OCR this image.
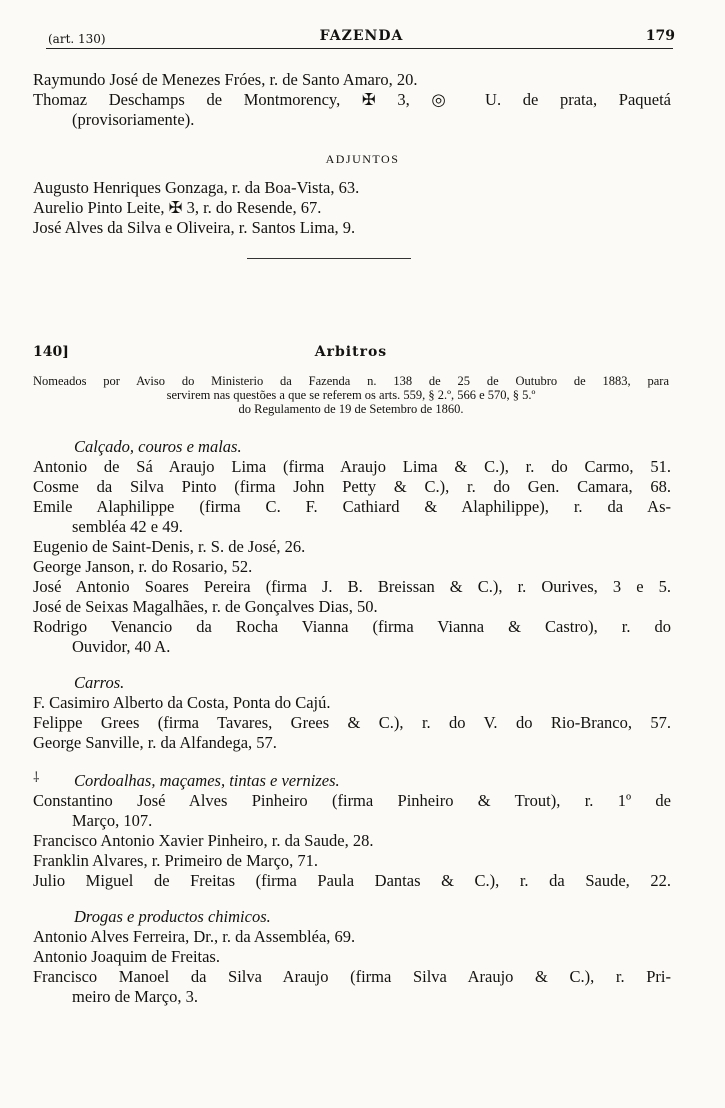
(art. 130)	FAZENDA	179
Raymundo José de Menezes Fróes, r. de Santo Amaro, 20.
Thomaz Deschamps de Montmorency, ✠ 3, ◎ U. de prata, Paquetá
(provisoriamente).
ADJUNTOS
Augusto Henriques Gonzaga, r. da Boa-Vista, 63.
Aurelio Pinto Leite, ✠ 3, r. do Resende, 67.
José Alves da Silva e Oliveira, r. Santos Lima, 9.
140]	Arbitros
Nomeados por Aviso do Ministerio da Fazenda n. 138 de 25 de Outubro de 1883, para
servirem nas questões a que se referem os arts. 559, § 2.º, 566 e 570, § 5.º
do Regulamento de 19 de Setembro de 1860.
Calçado, couros e malas.
Antonio de Sá Araujo Lima (firma Araujo Lima & C.), r. do Carmo, 51.
Cosme da Silva Pinto (firma John Petty & C.), r. do Gen. Camara, 68.
Emile Alaphilippe (firma C. F. Cathiard & Alaphilippe), r. da As-
sembléa 42 e 49.
Eugenio de Saint-Denis, r. S. de José, 26.
George Janson, r. do Rosario, 52.
José Antonio Soares Pereira (firma J. B. Breissan & C.), r. Ourives, 3 e 5.
José de Seixas Magalhães, r. de Gonçalves Dias, 50.
Rodrigo Venancio da Rocha Vianna (firma Vianna & Castro), r. do
Ouvidor, 40 A.
Carros.
F. Casimiro Alberto da Costa, Ponta do Cajú.
Felippe Grees (firma Tavares, Grees & C.), r. do V. do Rio-Branco, 57.
George Sanville, r. da Alfandega, 57.
⸸ Cordoalhas, maçames, tintas e vernizes.
Constantino José Alves Pinheiro (firma Pinheiro & Trout), r. 1º de
Março, 107.
Francisco Antonio Xavier Pinheiro, r. da Saude, 28.
Franklin Alvares, r. Primeiro de Março, 71.
Julio Miguel de Freitas (firma Paula Dantas & C.), r. da Saude, 22.
Drogas e productos chimicos.
Antonio Alves Ferreira, Dr., r. da Assembléa, 69.
Antonio Joaquim de Freitas.
Francisco Manoel da Silva Araujo (firma Silva Araujo & C.), r. Pri-
meiro de Março, 3.
